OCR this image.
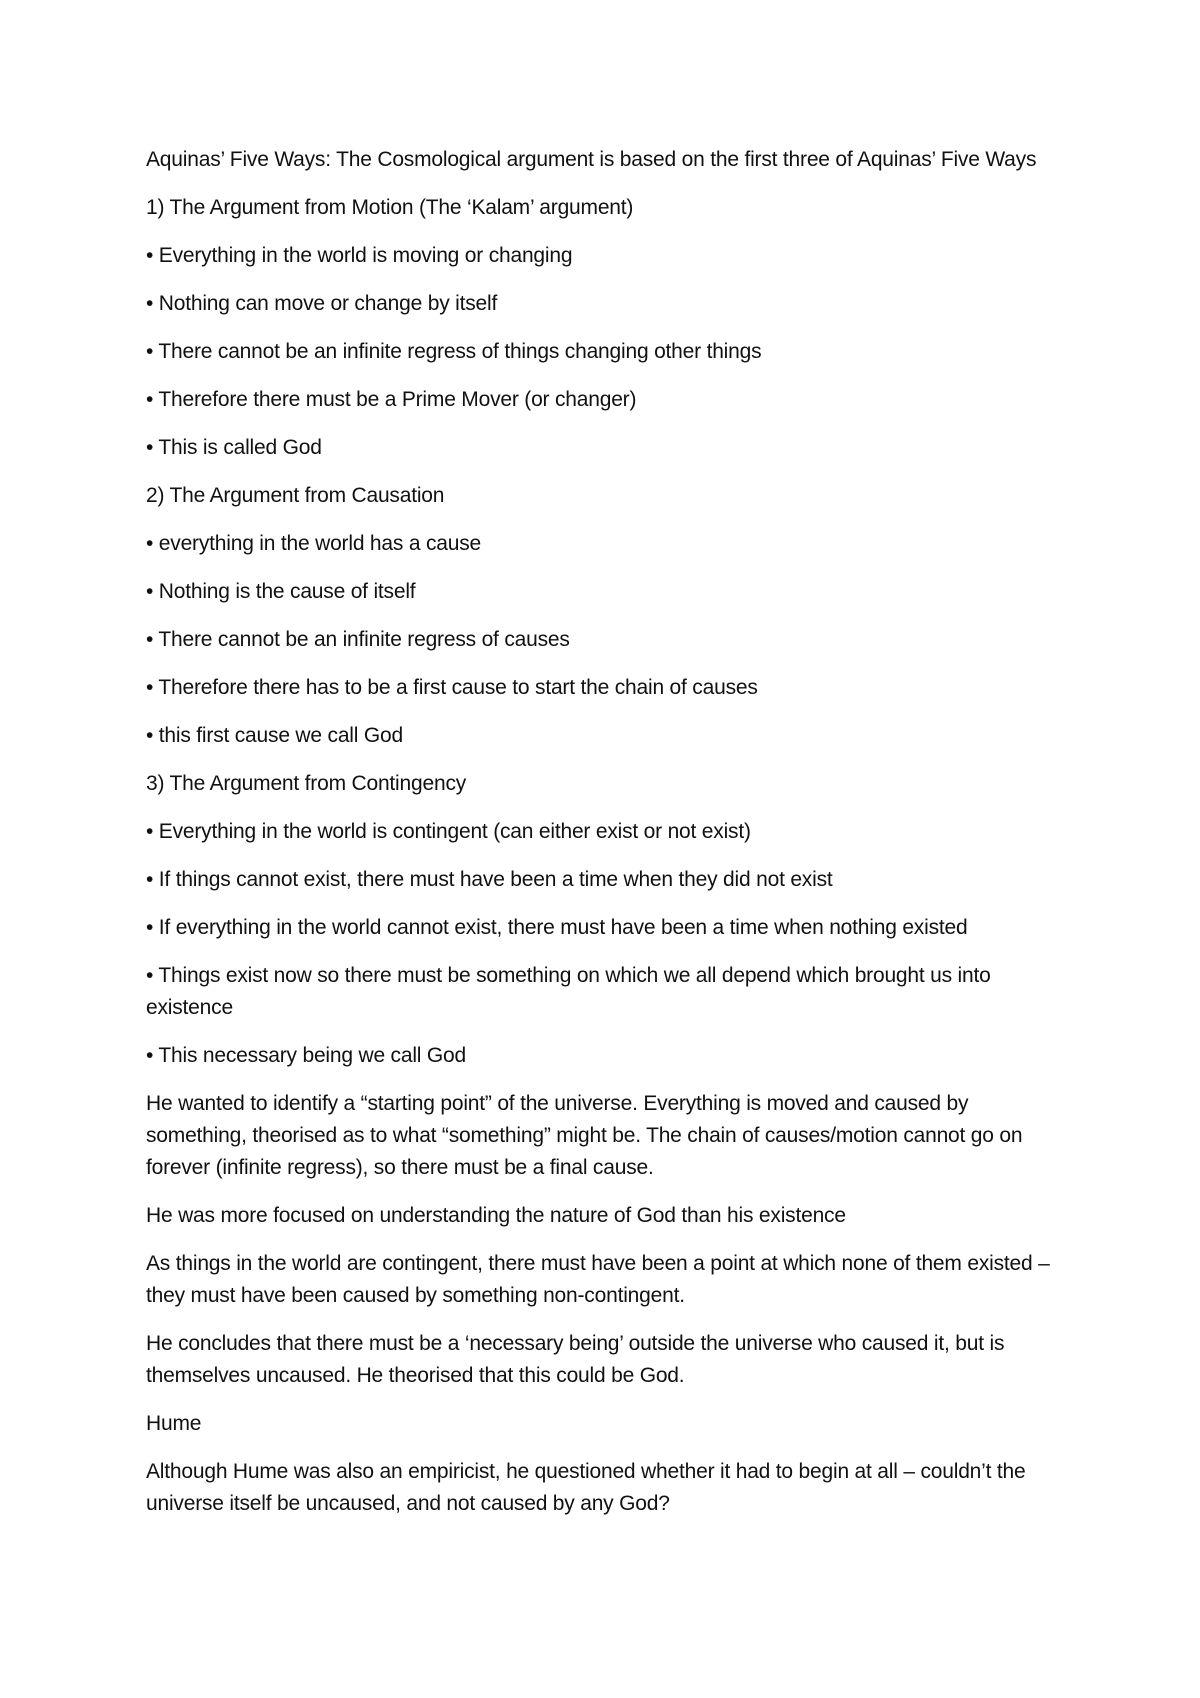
Aquinas’ Five Ways: The Cosmological argument is based on the first three of Aquinas’ Five Ways

1) The Argument from Motion (The ‘Kalam’ argument)

• Everything in the world is moving or changing

• Nothing can move or change by itself

• There cannot be an infinite regress of things changing other things

• Therefore there must be a Prime Mover (or changer)

• This is called God

2) The Argument from Causation

• everything in the world has a cause

• Nothing is the cause of itself

• There cannot be an infinite regress of causes

• Therefore there has to be a first cause to start the chain of causes

• this first cause we call God

3) The Argument from Contingency

• Everything in the world is contingent (can either exist or not exist)

• If things cannot exist, there must have been a time when they did not exist

• If everything in the world cannot exist, there must have been a time when nothing existed

• Things exist now so there must be something on which we all depend which brought us into existence

• This necessary being we call God

He wanted to identify a “starting point” of the universe. Everything is moved and caused by something, theorised as to what “something” might be. The chain of causes/motion cannot go on forever (infinite regress), so there must be a final cause.

He was more focused on understanding the nature of God than his existence

As things in the world are contingent, there must have been a point at which none of them existed – they must have been caused by something non-contingent.

He concludes that there must be a ‘necessary being’ outside the universe who caused it, but is themselves uncaused. He theorised that this could be God.

Hume

Although Hume was also an empiricist, he questioned whether it had to begin at all – couldn’t the universe itself be uncaused, and not caused by any God?
